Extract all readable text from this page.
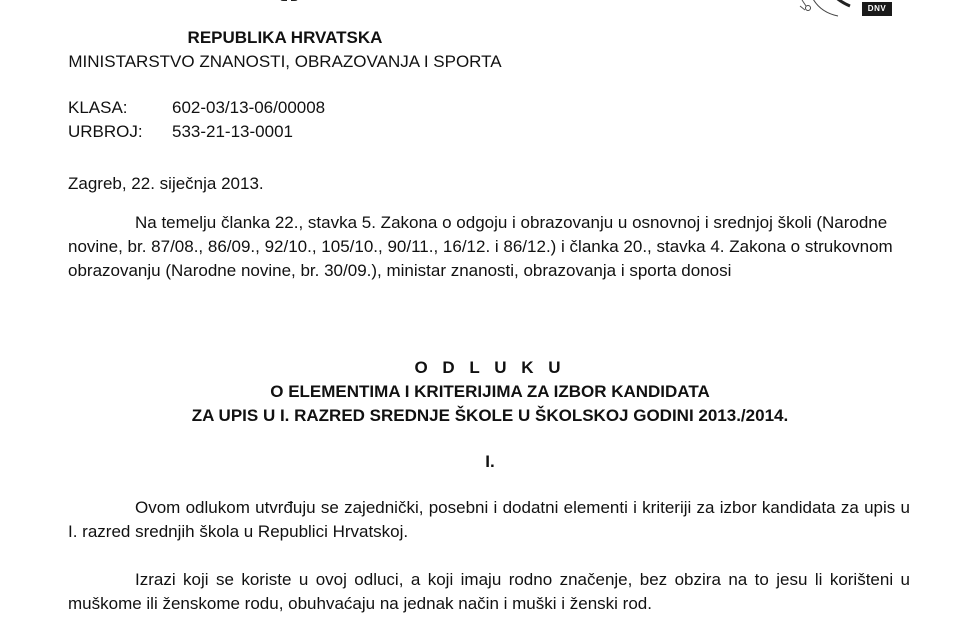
DNV
REPUBLIKA HRVATSKA
MINISTARSTVO ZNANOSTI, OBRAZOVANJA I SPORTA
KLASA:	602-03/13-06/00008
URBROJ: 533-21-13-0001
Zagreb, 22. siječnja 2013.
Na temelju članka 22., stavka 5. Zakona o odgoju i obrazovanju u osnovnoj i srednjoj školi (Narodne novine, br. 87/08., 86/09., 92/10., 105/10., 90/11., 16/12. i 86/12.) i članka 20., stavka 4. Zakona o strukovnom obrazovanju (Narodne novine, br. 30/09.), ministar znanosti, obrazovanja i sporta donosi
O D L U K U
O ELEMENTIMA I KRITERIJIMA ZA IZBOR KANDIDATA
ZA UPIS U I. RAZRED SREDNJE ŠKOLE U ŠKOLSKOJ GODINI 2013./2014.
I.
Ovom odlukom utvrđuju se zajednički, posebni i dodatni elementi i kriteriji za izbor kandidata za upis u I. razred srednjih škola u Republici Hrvatskoj.
Izrazi koji se koriste u ovoj odluci, a koji imaju rodno značenje, bez obzira na to jesu li korišteni u muškome ili ženskome rodu, obuhvaćaju na jednak način i muški i ženski rod.
